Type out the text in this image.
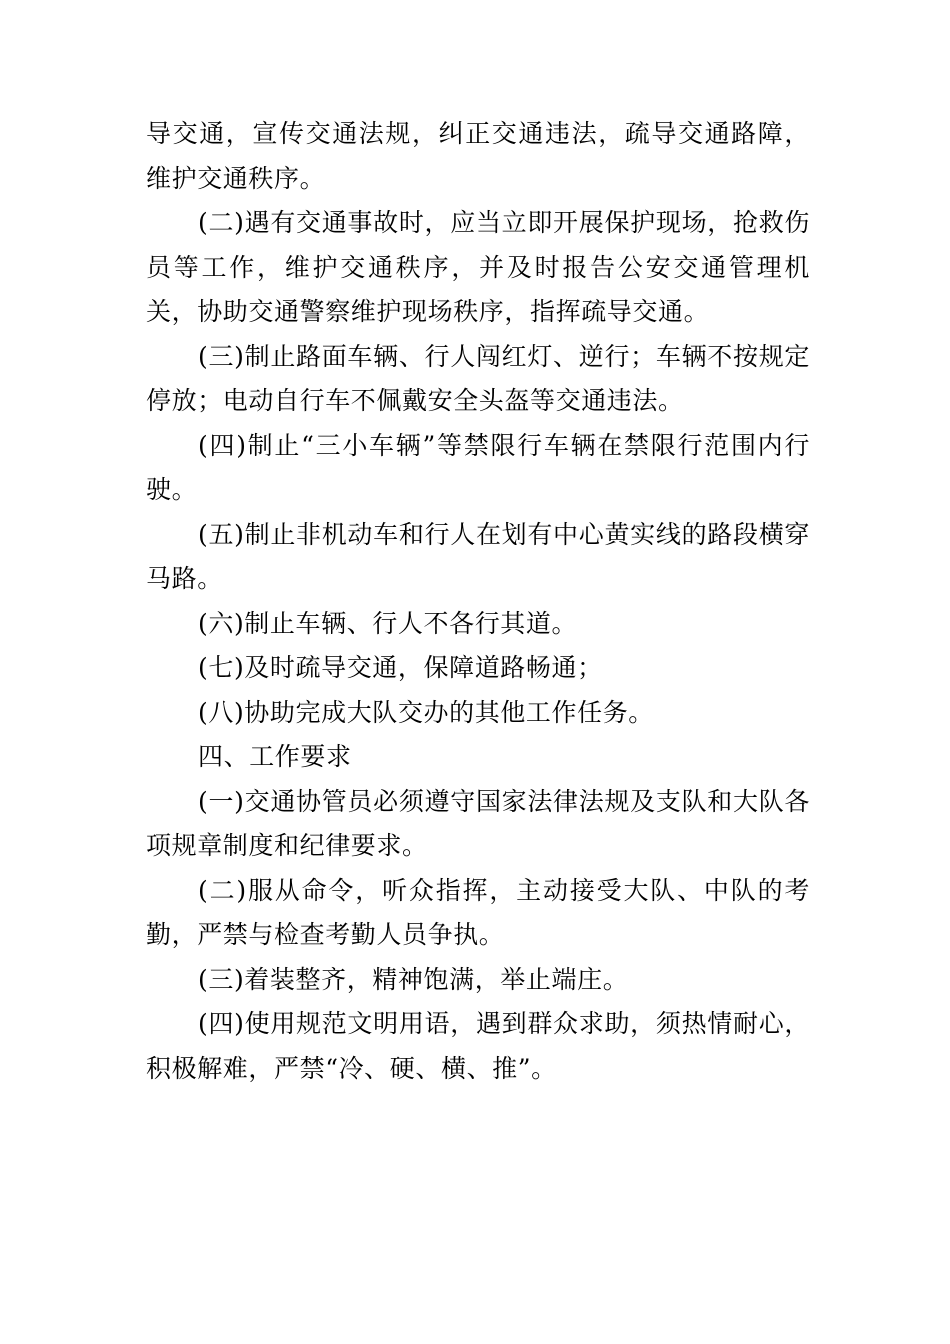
导交通，宣传交通法规，纠正交通违法，疏导交通路障，维护交通秩序。

(二)遇有交通事故时，应当立即开展保护现场，抢救伤员等工作，维护交通秩序，并及时报告公安交通管理机关，协助交通警察维护现场秩序，指挥疏导交通。

(三)制止路面车辆、行人闯红灯、逆行；车辆不按规定停放；电动自行车不佩戴安全头盔等交通违法。

(四)制止“三小车辆”等禁限行车辆在禁限行范围内行驶。

(五)制止非机动车和行人在划有中心黄实线的路段横穿马路。

(六)制止车辆、行人不各行其道。

(七)及时疏导交通，保障道路畅通；

(八)协助完成大队交办的其他工作任务。

四、工作要求

(一)交通协管员必须遵守国家法律法规及支队和大队各项规章制度和纪律要求。

(二)服从命令，听众指挥，主动接受大队、中队的考勤，严禁与检查考勤人员争执。

(三)着装整齐，精神饱满，举止端庄。

(四)使用规范文明用语，遇到群众求助，须热情耐心，积极解难，严禁“冷、硬、横、推”。
